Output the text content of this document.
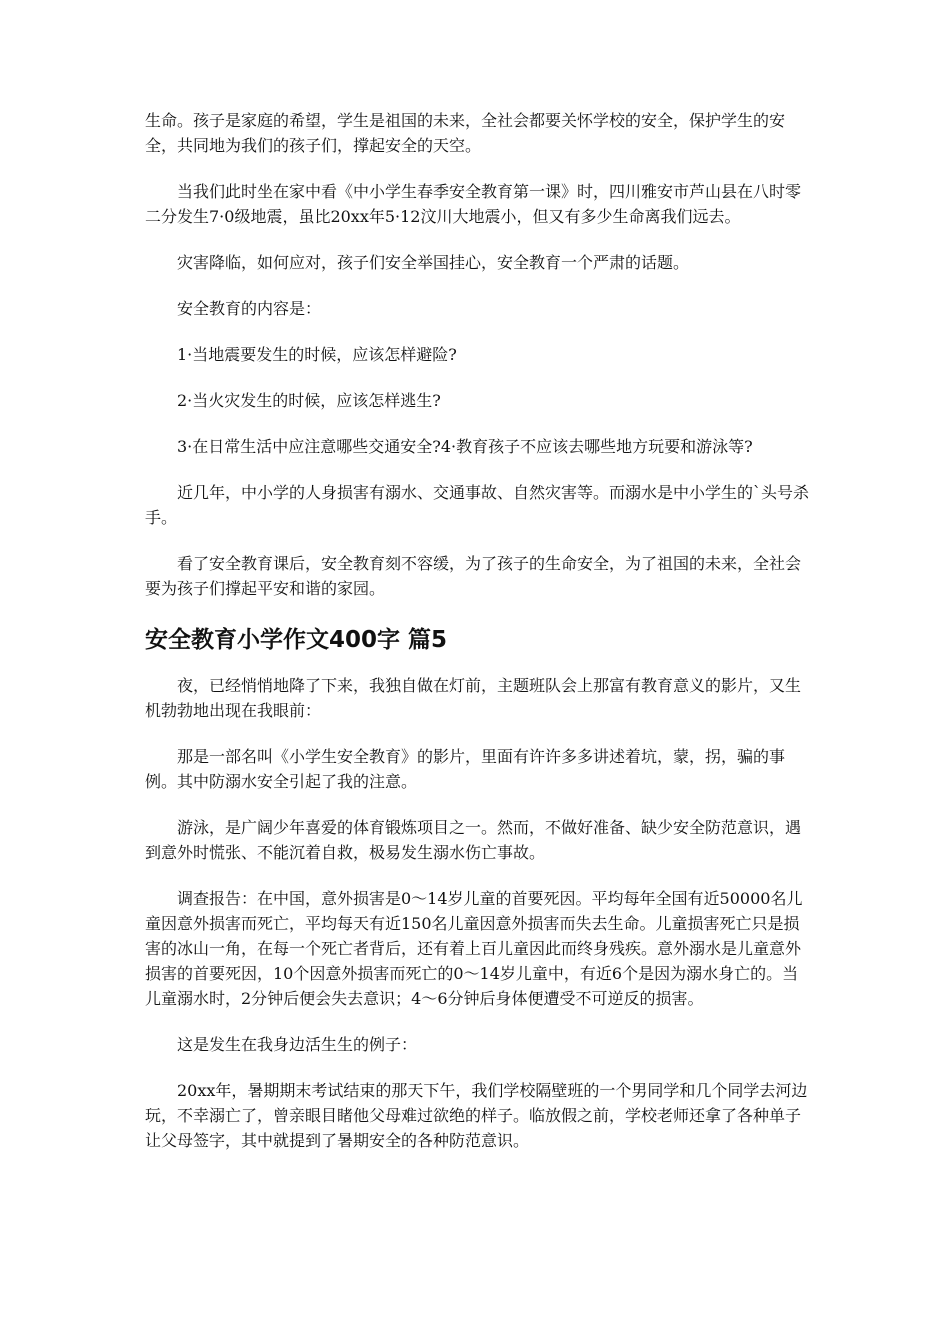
生命。孩子是家庭的希望，学生是祖国的未来，全社会都要关怀学校的安全，保护学生的安全，共同地为我们的孩子们，撑起安全的天空。

当我们此时坐在家中看《中小学生春季安全教育第一课》时，四川雅安市芦山县在八时零二分发生7·0级地震，虽比20xx年5·12汶川大地震小，但又有多少生命离我们远去。

灾害降临，如何应对，孩子们安全举国挂心，安全教育一个严肃的话题。

安全教育的内容是：

1·当地震要发生的时候，应该怎样避险?

2·当火灾发生的时候，应该怎样逃生?

3·在日常生活中应注意哪些交通安全?4·教育孩子不应该去哪些地方玩要和游泳等?

近几年，中小学的人身损害有溺水、交通事故、自然灾害等。而溺水是中小学生的`头号杀手。

看了安全教育课后，安全教育刻不容缓，为了孩子的生命安全，为了祖国的未来，全社会要为孩子们撑起平安和谐的家园。

安全教育小学作文400字 篇5

夜，已经悄悄地降了下来，我独自做在灯前，主题班队会上那富有教育意义的影片，又生机勃勃地出现在我眼前：

那是一部名叫《小学生安全教育》的影片，里面有许许多多讲述着坑，蒙，拐，骗的事例。其中防溺水安全引起了我的注意。

游泳，是广阔少年喜爱的体育锻炼项目之一。然而，不做好准备、缺少安全防范意识，遇到意外时慌张、不能沉着自救，极易发生溺水伤亡事故。

调查报告：在中国，意外损害是0～14岁儿童的首要死因。平均每年全国有近50000名儿童因意外损害而死亡，平均每天有近150名儿童因意外损害而失去生命。儿童损害死亡只是损害的冰山一角，在每一个死亡者背后，还有着上百儿童因此而终身残疾。意外溺水是儿童意外损害的首要死因，10个因意外损害而死亡的0～14岁儿童中，有近6个是因为溺水身亡的。当儿童溺水时，2分钟后便会失去意识；4～6分钟后身体便遭受不可逆反的损害。

这是发生在我身边活生生的例子：

20xx年，暑期期末考试结束的那天下午，我们学校隔壁班的一个男同学和几个同学去河边玩，不幸溺亡了，曾亲眼目睹他父母难过欲绝的样子。临放假之前，学校老师还拿了各种单子让父母签字，其中就提到了暑期安全的各种防范意识。
